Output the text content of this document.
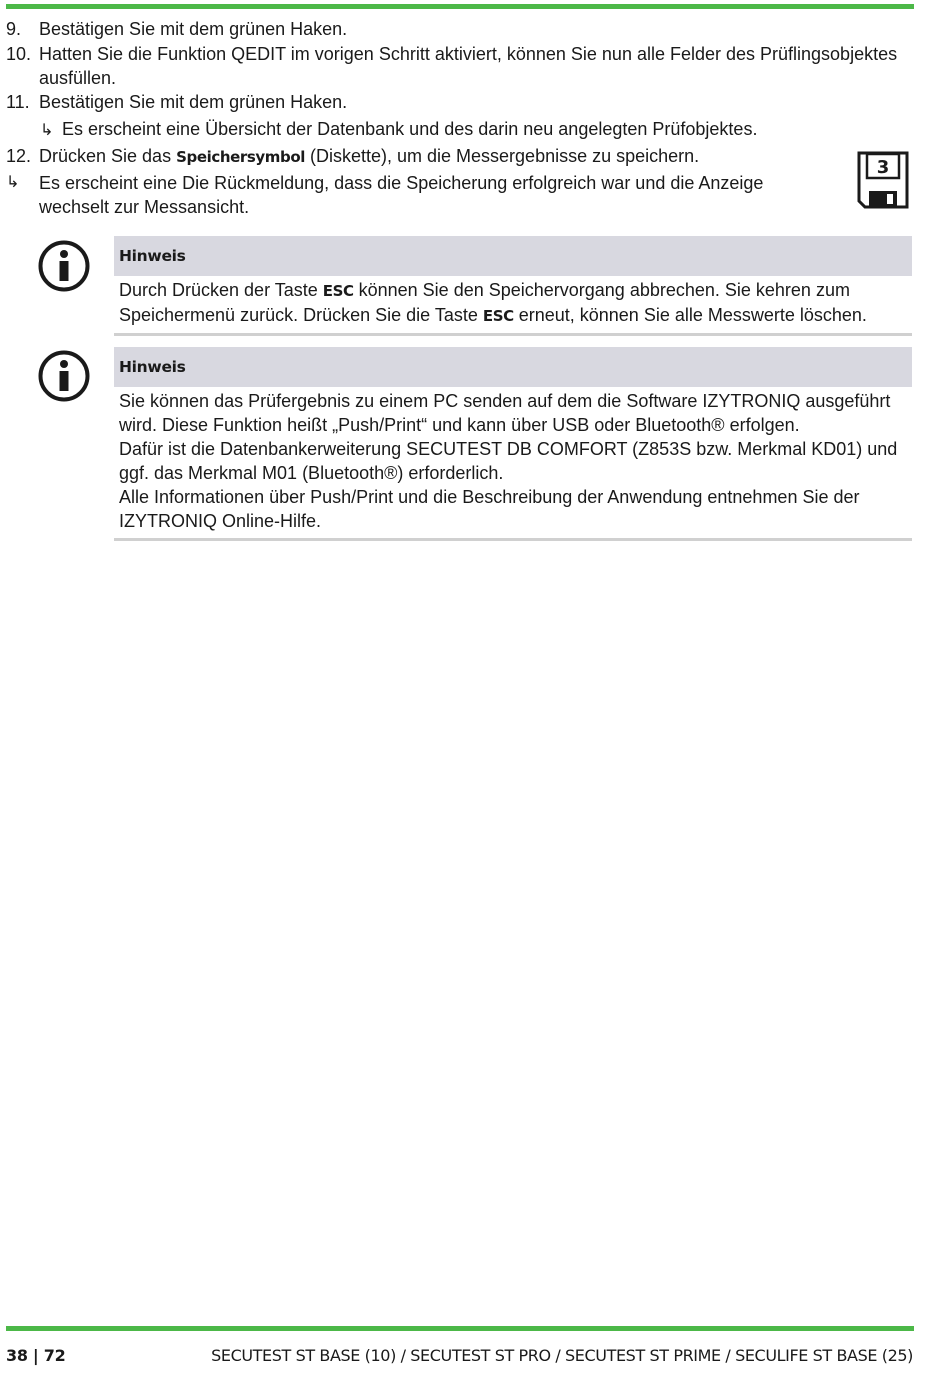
9. Bestätigen Sie mit dem grünen Haken.
10. Hatten Sie die Funktion QEDIT im vorigen Schritt aktiviert, können Sie nun alle Felder des Prüflingsobjektes ausfüllen.
11. Bestätigen Sie mit dem grünen Haken.
↳ Es erscheint eine Übersicht der Datenbank und des darin neu angelegten Prüfobjektes.
12. Drücken Sie das Speichersymbol (Diskette), um die Messergebnisse zu speichern.
↳	Es erscheint eine Die Rückmeldung, dass die Speicherung erfolgreich war und die Anzeige wechselt zur Messansicht.
3
Hinweis

Durch Drücken der Taste ESC können Sie den Speichervorgang abbrechen. Sie kehren zum Speichermenü zurück. Drücken Sie die Taste ESC erneut, können Sie alle Messwerte löschen.

Hinweis

Sie können das Prüfergebnis zu einem PC senden auf dem die Software IZYTRONIQ ausgeführt wird. Diese Funktion heißt „Push/Print“ und kann über USB oder Bluetooth® erfolgen.

Dafür ist die Datenbankerweiterung SECUTEST DB COMFORT (Z853S bzw. Merkmal KD01) und ggf. das Merkmal M01 (Bluetooth®) erforderlich.

Alle Informationen über Push/Print und die Beschreibung der Anwendung entnehmen Sie der IZYTRONIQ Online-Hilfe.

38 | 72	SECUTEST ST BASE (10) / SECUTEST ST PRO / SECUTEST ST PRIME / SECULIFE ST BASE (25)
